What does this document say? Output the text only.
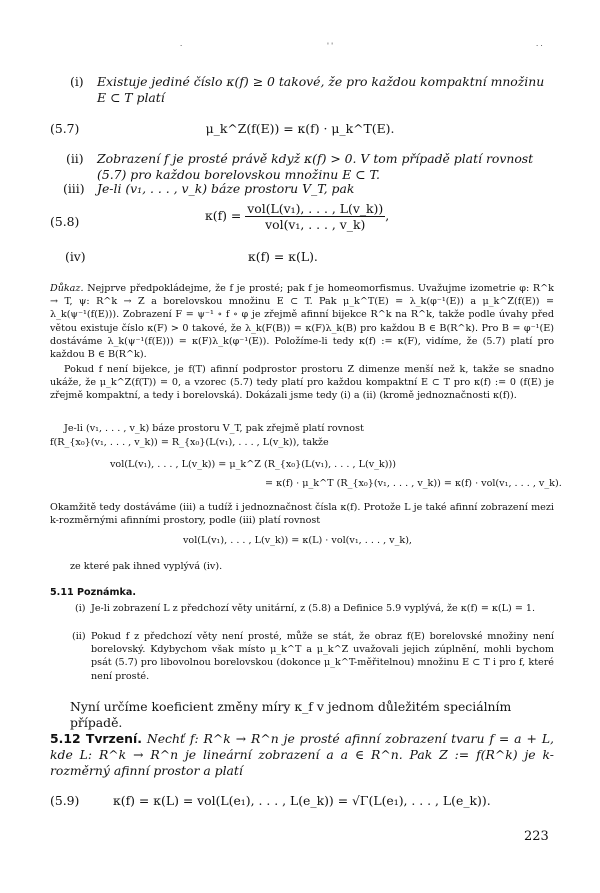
·	' '	· ·
(i) Existuje jediné číslo κ(f) ≥ 0 takové, že pro každou kompaktní množinu E ⊂ T platí
(5.7)	μ_k^Z(f(E)) = κ(f) · μ_k^T(E).
(ii) Zobrazení f je prosté právě když κ(f) > 0. V tom případě platí rovnost (5.7) pro každou borelovskou množinu E ⊂ T.
(iii) Je-li (v₁, . . . , v_k) báze prostoru V_T, pak
(5.8)	$\kappa(f) = \frac{\text{vol(L(v₁), . . . , L(v\_k))}}{\text{vol(v₁, . . . , v\_k)}}$ ,
(iv)	κ(f) = κ(L).
Důkaz. Nejprve předpokládejme, že f je prosté; pak f je homeomorfismus. Uvažujme izometrie φ: R^k → T, ψ: R^k → Z a borelovskou množinu E ⊂ T. Pak μ_k^T(E) = λ_k(φ⁻¹(E)) a μ_k^Z(f(E)) = λ_k(ψ⁻¹(f(E))). Zobrazení F = ψ⁻¹ ∘ f ∘ φ je zřejmě afinní bijekce R^k na R^k, takže podle úvahy před větou existuje číslo κ(F) > 0 takové, že λ_k(F(B)) = κ(F)λ_k(B) pro každou B ∈ B(R^k). Pro B = φ⁻¹(E) dostáváme λ_k(ψ⁻¹(f(E))) = κ(F)λ_k(φ⁻¹(E)). Položíme-li tedy κ(f) := κ(F), vidíme, že (5.7) platí pro každou B ∈ B(R^k).
Pokud f není bijekce, je f(T) afinní podprostor prostoru Z dimenze menší než k, takže se snadno ukáže, že μ_k^Z(f(T)) = 0, a vzorec (5.7) tedy platí pro každou kompaktní E ⊂ T pro κ(f) := 0 (f(E) je zřejmě kompaktní, a tedy i borelovská). Dokázali jsme tedy (i) a (ii) (kromě jednoznačnosti κ(f)).
Je-li (v₁, . . . , v_k) báze prostoru V_T, pak zřejmě platí rovnost
f(R_{x₀}(v₁, . . . , v_k)) = R_{x₀}(L(v₁), . . . , L(v_k)), takže
vol(L(v₁), . . . , L(v_k)) = μ_k^Z (R_{x₀}(L(v₁), . . . , L(v_k)))
= κ(f) · μ_k^T (R_{x₀}(v₁, . . . , v_k)) = κ(f) · vol(v₁, . . . , v_k).
Okamžitě tedy dostáváme (iii) a tudíž i jednoznačnost čísla κ(f). Protože L je také afinní zobrazení mezi k-rozměrnými afinními prostory, podle (iii) platí rovnost
vol(L(v₁), . . . , L(v_k)) = κ(L) · vol(v₁, . . . , v_k),
ze které pak ihned vyplývá (iv).
5.11 Poznámka.
(i) Je-li zobrazení L z předchozí věty unitární, z (5.8) a Definice 5.9 vyplývá, že κ(f) = κ(L) = 1.
(ii) Pokud f z předchozí věty není prosté, může se stát, že obraz f(E) borelovské množiny není borelovský. Kdybychom však místo μ_k^T a μ_k^Z uvažovali jejich zúplnění, mohli bychom psát (5.7) pro libovolnou borelovskou (dokonce μ_k^T-měřitelnou) množinu E ⊂ T i pro f, které není prosté.
Nyní určíme koeficient změny míry κ_f v jednom důležitém speciálním případě.
5.12 Tvrzení. Nechť f: R^k → R^n je prosté afinní zobrazení tvaru f = a + L, kde L: R^k → R^n je lineární zobrazení a a ∈ R^n. Pak Z := f(R^k) je k-rozměrný afinní prostor a platí
(5.9)	κ(f) = κ(L) = vol(L(e₁), . . . , L(e_k)) = √Γ(L(e₁), . . . , L(e_k)).
223
